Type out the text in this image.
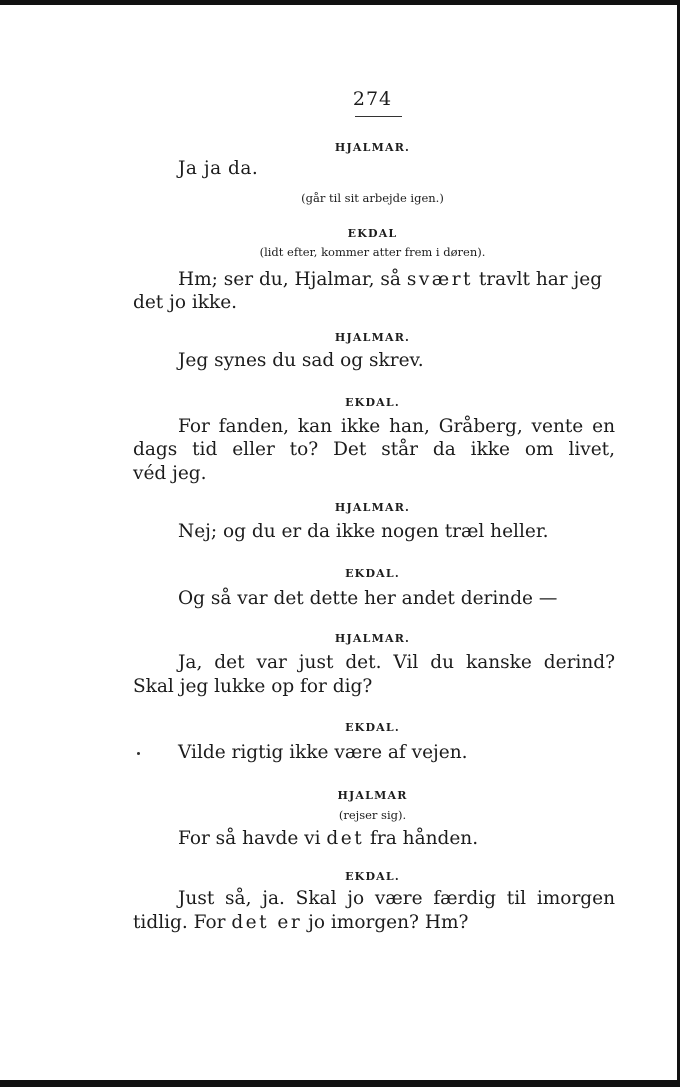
274
HJALMAR.
Ja ja da.
(går til sit arbejde igen.)
EKDAL
(lidt efter, kommer atter frem i døren).
Hm; ser du, Hjalmar, så svært travlt har jeg
det jo ikke.
HJALMAR.
Jeg synes du sad og skrev.
EKDAL.
For fanden, kan ikke han, Gråberg, vente en
dags tid eller to? Det står da ikke om livet,
véd jeg.
HJALMAR.
Nej; og du er da ikke nogen træl heller.
EKDAL.
Og så var det dette her andet derinde —
HJALMAR.
Ja, det var just det. Vil du kanske derind?
Skal jeg lukke op for dig?
EKDAL.
Vilde rigtig ikke være af vejen.
HJALMAR
(rejser sig).
For så havde vi det fra hånden.
EKDAL.
Just så, ja. Skal jo være færdig til imorgen
tidlig. For det er jo imorgen? Hm?
